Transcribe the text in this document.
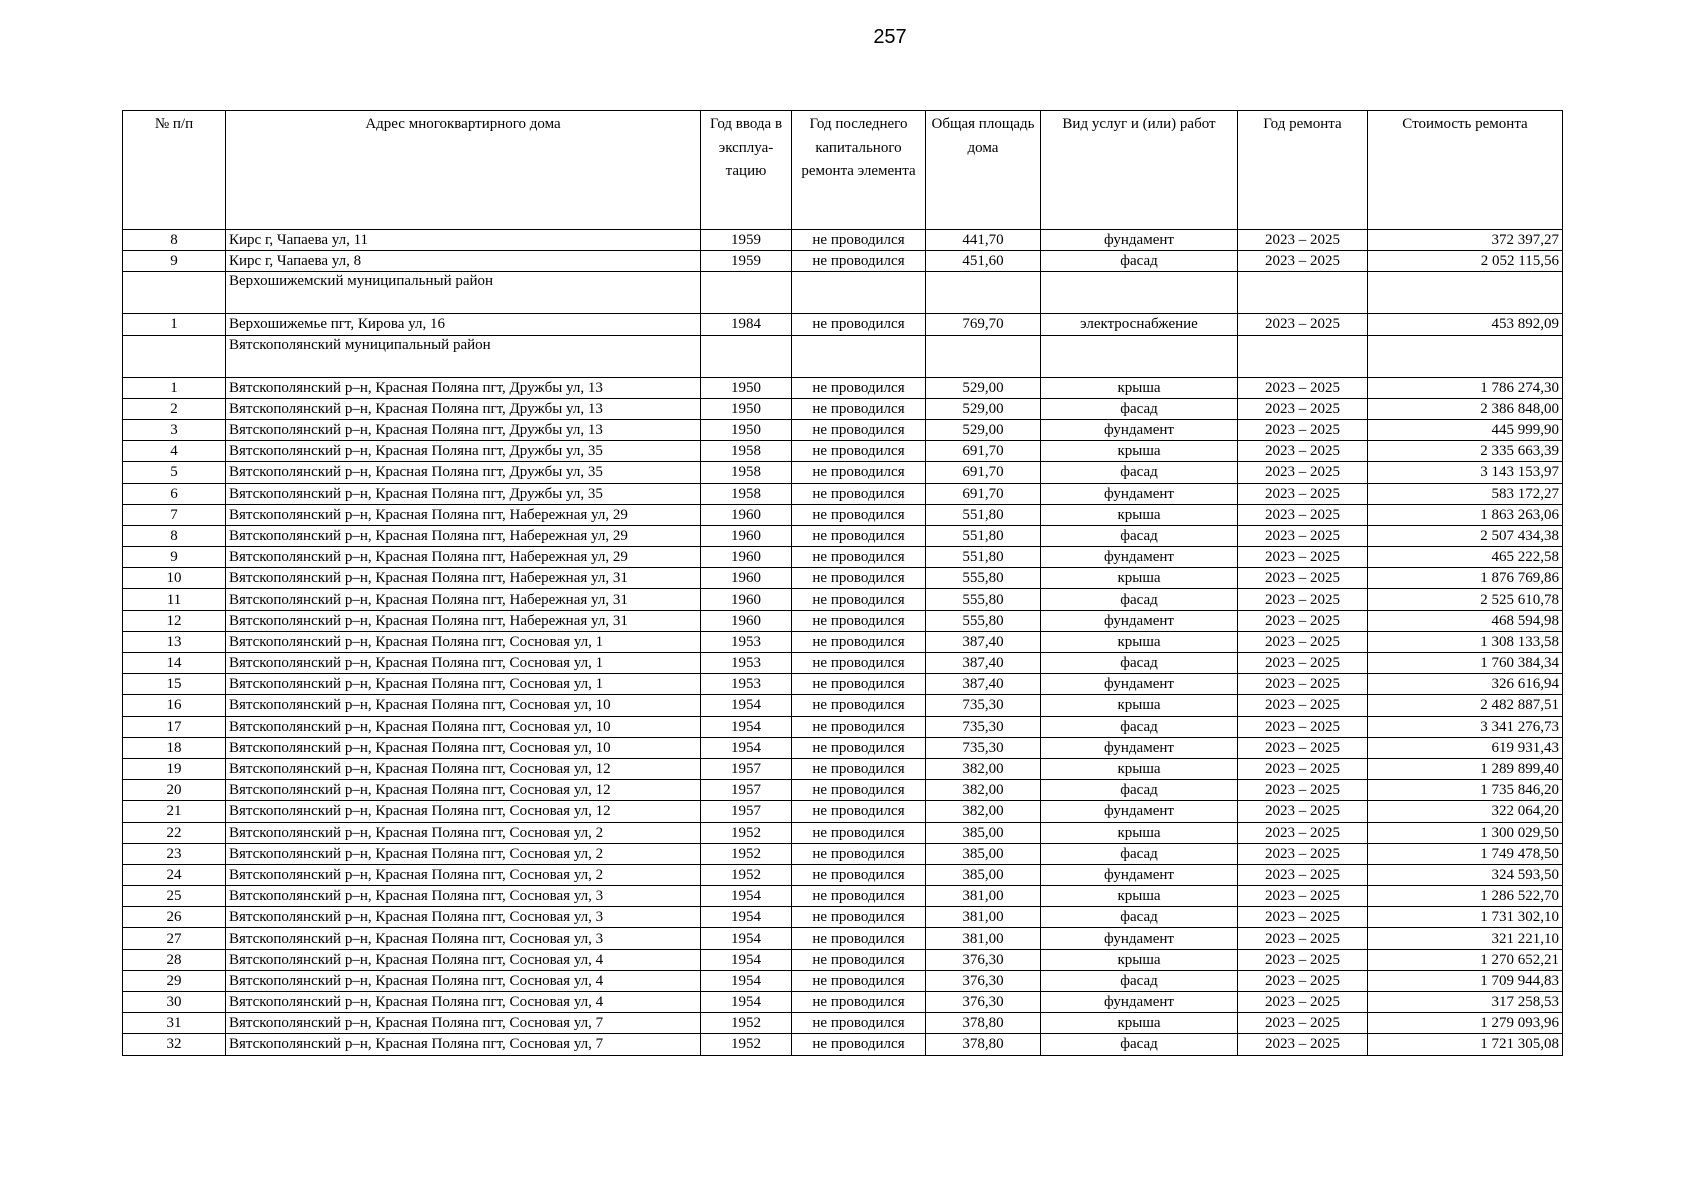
257
№ п/п	Адрес многоквартирного дома	Год ввода в эксплуа-тацию	Год последнего капитального ремонта элемента	Общая площадь дома	Вид услуг и (или) работ	Год ремонта	Стоимость ремонта
8	Кирс г, Чапаева ул, 11	1959	не проводился	441,70	фундамент	2023 – 2025	372 397,27
9	Кирс г, Чапаева ул, 8	1959	не проводился	451,60	фасад	2023 – 2025	2 052 115,56
	Верхошижемский муниципальный район						
1	Верхошижемье пгт, Кирова ул, 16	1984	не проводился	769,70	электроснабжение	2023 – 2025	453 892,09
	Вятскополянский муниципальный район						
1	Вятскополянский р–н, Красная Поляна пгт, Дружбы ул, 13	1950	не проводился	529,00	крыша	2023 – 2025	1 786 274,30
2	Вятскополянский р–н, Красная Поляна пгт, Дружбы ул, 13	1950	не проводился	529,00	фасад	2023 – 2025	2 386 848,00
3	Вятскополянский р–н, Красная Поляна пгт, Дружбы ул, 13	1950	не проводился	529,00	фундамент	2023 – 2025	445 999,90
4	Вятскополянский р–н, Красная Поляна пгт, Дружбы ул, 35	1958	не проводился	691,70	крыша	2023 – 2025	2 335 663,39
5	Вятскополянский р–н, Красная Поляна пгт, Дружбы ул, 35	1958	не проводился	691,70	фасад	2023 – 2025	3 143 153,97
6	Вятскополянский р–н, Красная Поляна пгт, Дружбы ул, 35	1958	не проводился	691,70	фундамент	2023 – 2025	583 172,27
7	Вятскополянский р–н, Красная Поляна пгт, Набережная ул, 29	1960	не проводился	551,80	крыша	2023 – 2025	1 863 263,06
8	Вятскополянский р–н, Красная Поляна пгт, Набережная ул, 29	1960	не проводился	551,80	фасад	2023 – 2025	2 507 434,38
9	Вятскополянский р–н, Красная Поляна пгт, Набережная ул, 29	1960	не проводился	551,80	фундамент	2023 – 2025	465 222,58
10	Вятскополянский р–н, Красная Поляна пгт, Набережная ул, 31	1960	не проводился	555,80	крыша	2023 – 2025	1 876 769,86
11	Вятскополянский р–н, Красная Поляна пгт, Набережная ул, 31	1960	не проводился	555,80	фасад	2023 – 2025	2 525 610,78
12	Вятскополянский р–н, Красная Поляна пгт, Набережная ул, 31	1960	не проводился	555,80	фундамент	2023 – 2025	468 594,98
13	Вятскополянский р–н, Красная Поляна пгт, Сосновая ул, 1	1953	не проводился	387,40	крыша	2023 – 2025	1 308 133,58
14	Вятскополянский р–н, Красная Поляна пгт, Сосновая ул, 1	1953	не проводился	387,40	фасад	2023 – 2025	1 760 384,34
15	Вятскополянский р–н, Красная Поляна пгт, Сосновая ул, 1	1953	не проводился	387,40	фундамент	2023 – 2025	326 616,94
16	Вятскополянский р–н, Красная Поляна пгт, Сосновая ул, 10	1954	не проводился	735,30	крыша	2023 – 2025	2 482 887,51
17	Вятскополянский р–н, Красная Поляна пгт, Сосновая ул, 10	1954	не проводился	735,30	фасад	2023 – 2025	3 341 276,73
18	Вятскополянский р–н, Красная Поляна пгт, Сосновая ул, 10	1954	не проводился	735,30	фундамент	2023 – 2025	619 931,43
19	Вятскополянский р–н, Красная Поляна пгт, Сосновая ул, 12	1957	не проводился	382,00	крыша	2023 – 2025	1 289 899,40
20	Вятскополянский р–н, Красная Поляна пгт, Сосновая ул, 12	1957	не проводился	382,00	фасад	2023 – 2025	1 735 846,20
21	Вятскополянский р–н, Красная Поляна пгт, Сосновая ул, 12	1957	не проводился	382,00	фундамент	2023 – 2025	322 064,20
22	Вятскополянский р–н, Красная Поляна пгт, Сосновая ул, 2	1952	не проводился	385,00	крыша	2023 – 2025	1 300 029,50
23	Вятскополянский р–н, Красная Поляна пгт, Сосновая ул, 2	1952	не проводился	385,00	фасад	2023 – 2025	1 749 478,50
24	Вятскополянский р–н, Красная Поляна пгт, Сосновая ул, 2	1952	не проводился	385,00	фундамент	2023 – 2025	324 593,50
25	Вятскополянский р–н, Красная Поляна пгт, Сосновая ул, 3	1954	не проводился	381,00	крыша	2023 – 2025	1 286 522,70
26	Вятскополянский р–н, Красная Поляна пгт, Сосновая ул, 3	1954	не проводился	381,00	фасад	2023 – 2025	1 731 302,10
27	Вятскополянский р–н, Красная Поляна пгт, Сосновая ул, 3	1954	не проводился	381,00	фундамент	2023 – 2025	321 221,10
28	Вятскополянский р–н, Красная Поляна пгт, Сосновая ул, 4	1954	не проводился	376,30	крыша	2023 – 2025	1 270 652,21
29	Вятскополянский р–н, Красная Поляна пгт, Сосновая ул, 4	1954	не проводился	376,30	фасад	2023 – 2025	1 709 944,83
30	Вятскополянский р–н, Красная Поляна пгт, Сосновая ул, 4	1954	не проводился	376,30	фундамент	2023 – 2025	317 258,53
31	Вятскополянский р–н, Красная Поляна пгт, Сосновая ул, 7	1952	не проводился	378,80	крыша	2023 – 2025	1 279 093,96
32	Вятскополянский р–н, Красная Поляна пгт, Сосновая ул, 7	1952	не проводился	378,80	фасад	2023 – 2025	1 721 305,08
